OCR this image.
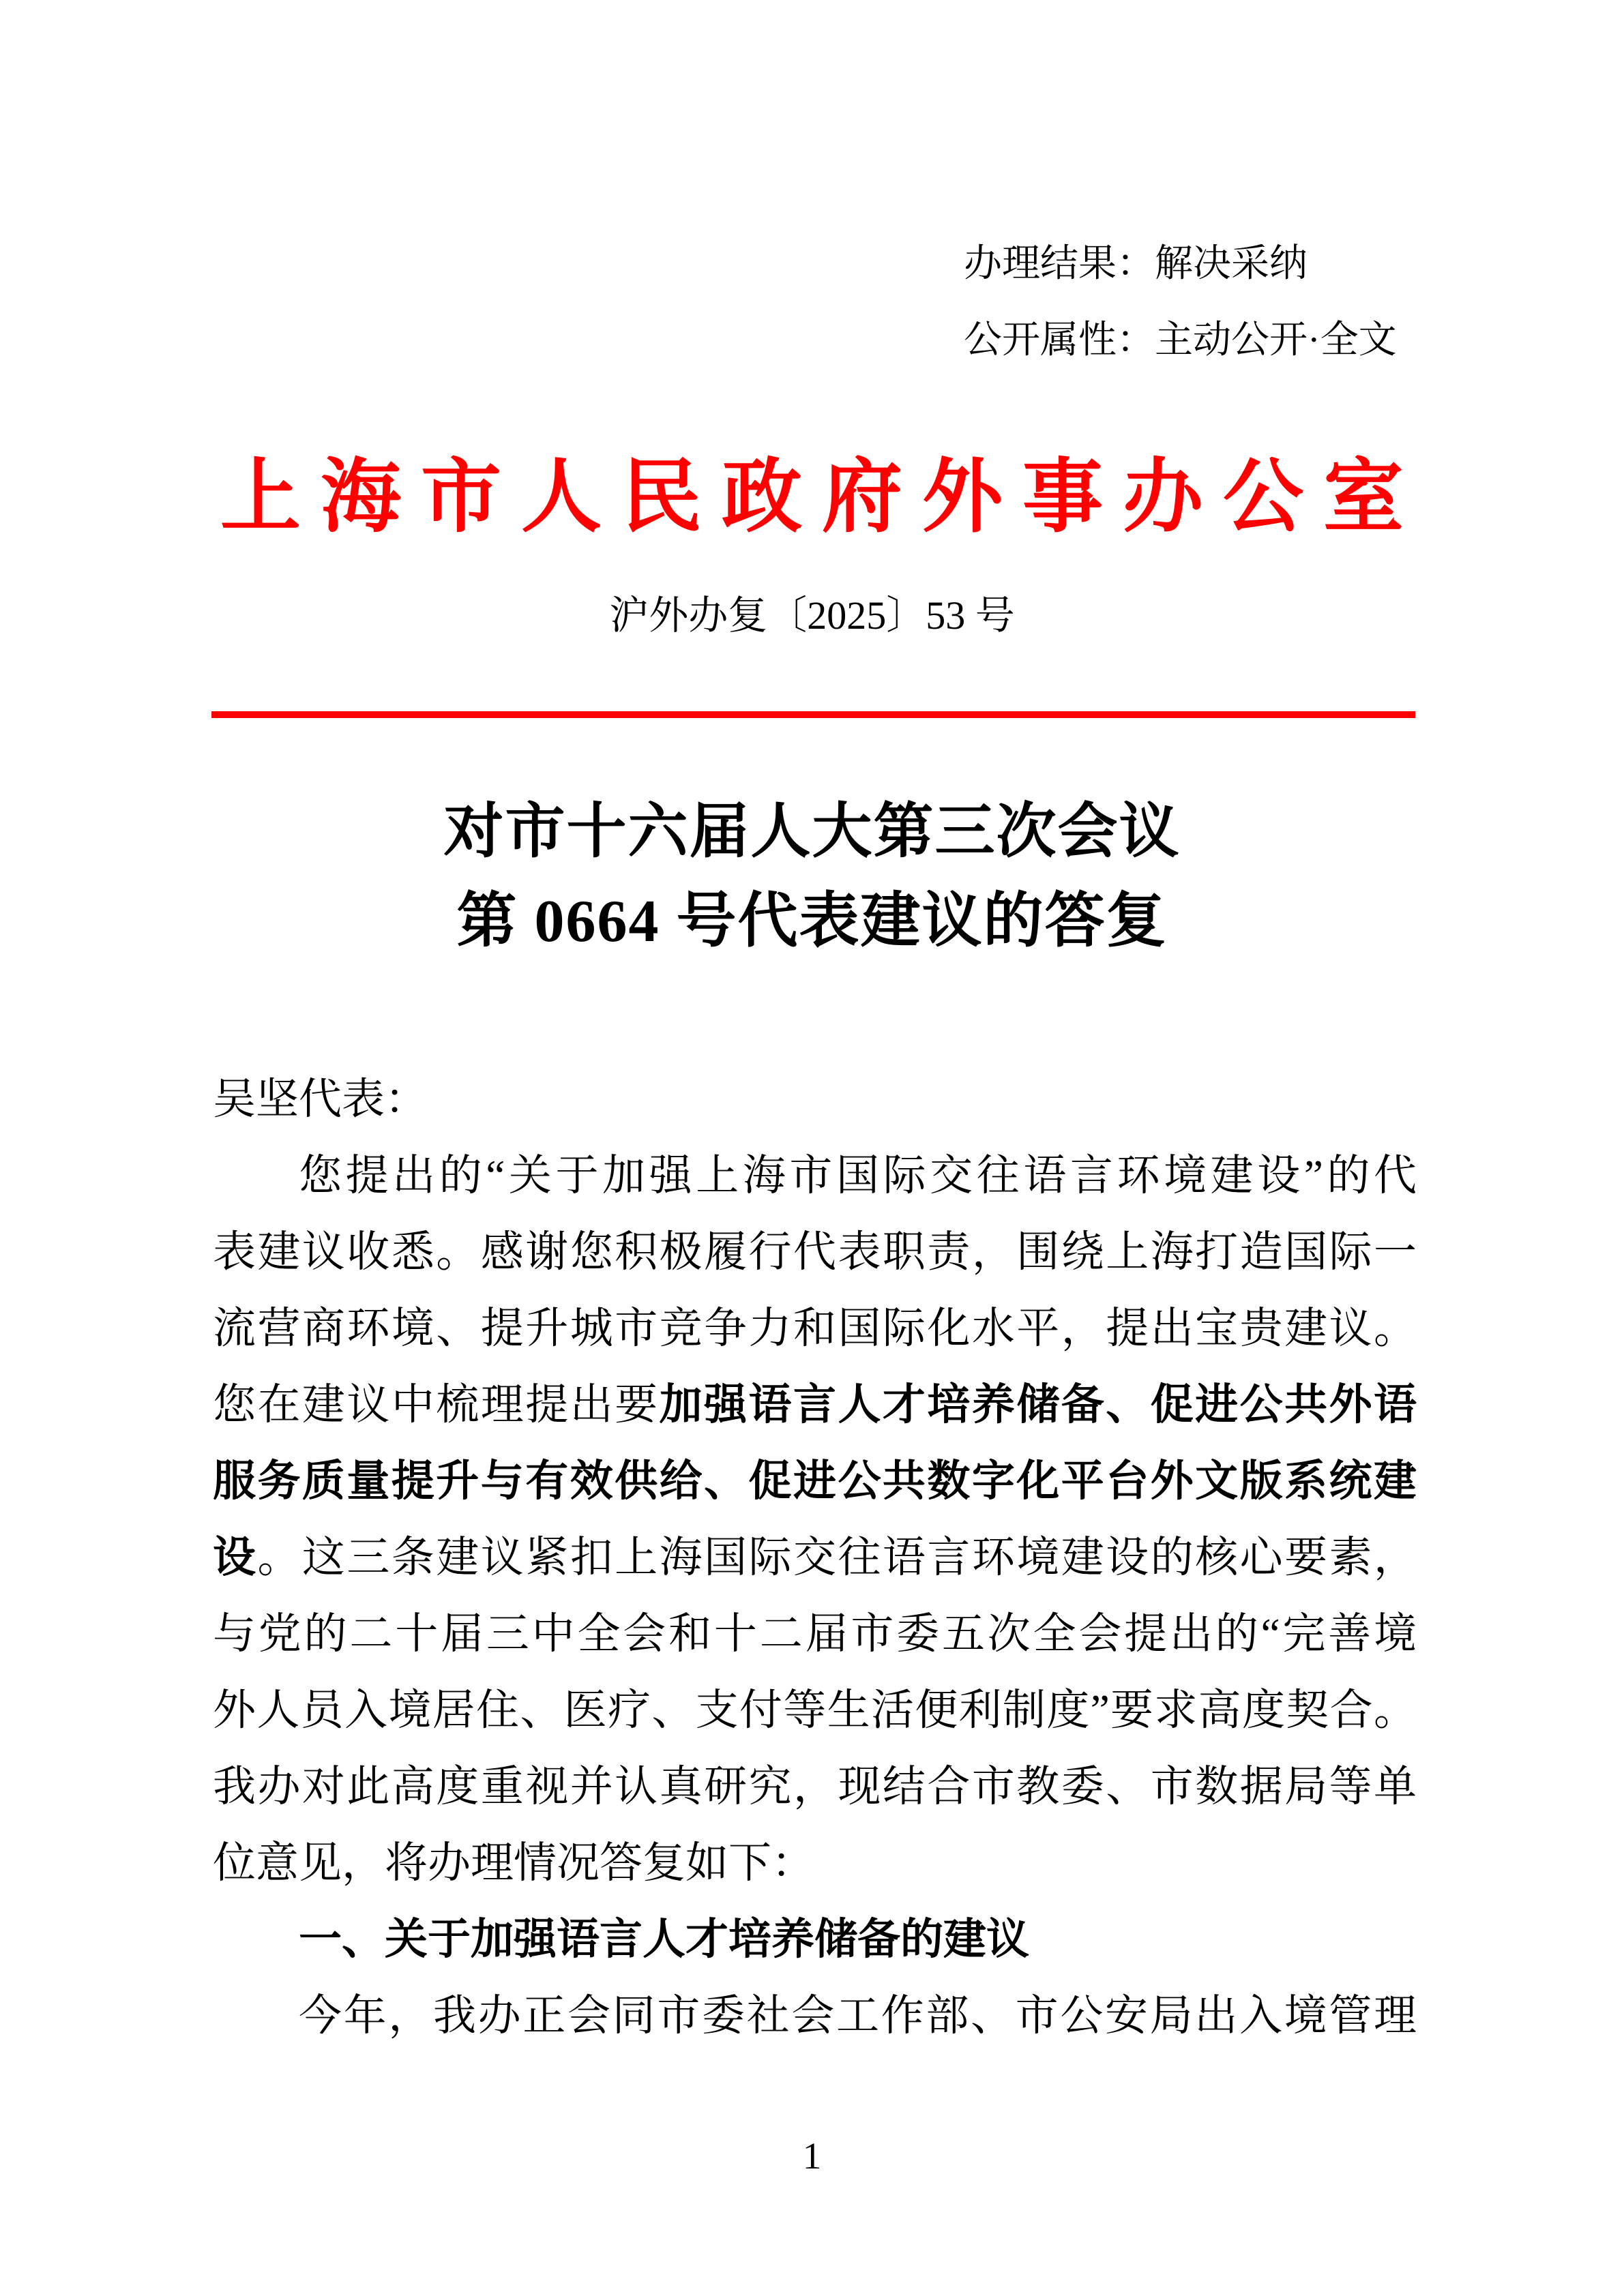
办理结果：解决采纳
公开属性：主动公开·全文
上海市人民政府外事办公室
沪外办复〔2025〕53 号
对市十六届人大第三次会议
第 0664 号代表建议的答复
吴坚代表：
您提出的“关于加强上海市国际交往语言环境建设”的代
表建议收悉。感谢您积极履行代表职责，围绕上海打造国际一
流营商环境、提升城市竞争力和国际化水平，提出宝贵建议。
您在建议中梳理提出要加强语言人才培养储备、促进公共外语
服务质量提升与有效供给、促进公共数字化平台外文版系统建
设。这三条建议紧扣上海国际交往语言环境建设的核心要素，
与党的二十届三中全会和十二届市委五次全会提出的“完善境
外人员入境居住、医疗、支付等生活便利制度”要求高度契合。
我办对此高度重视并认真研究，现结合市教委、市数据局等单
位意见，将办理情况答复如下：
一、关于加强语言人才培养储备的建议
今年，我办正会同市委社会工作部、市公安局出入境管理
1
